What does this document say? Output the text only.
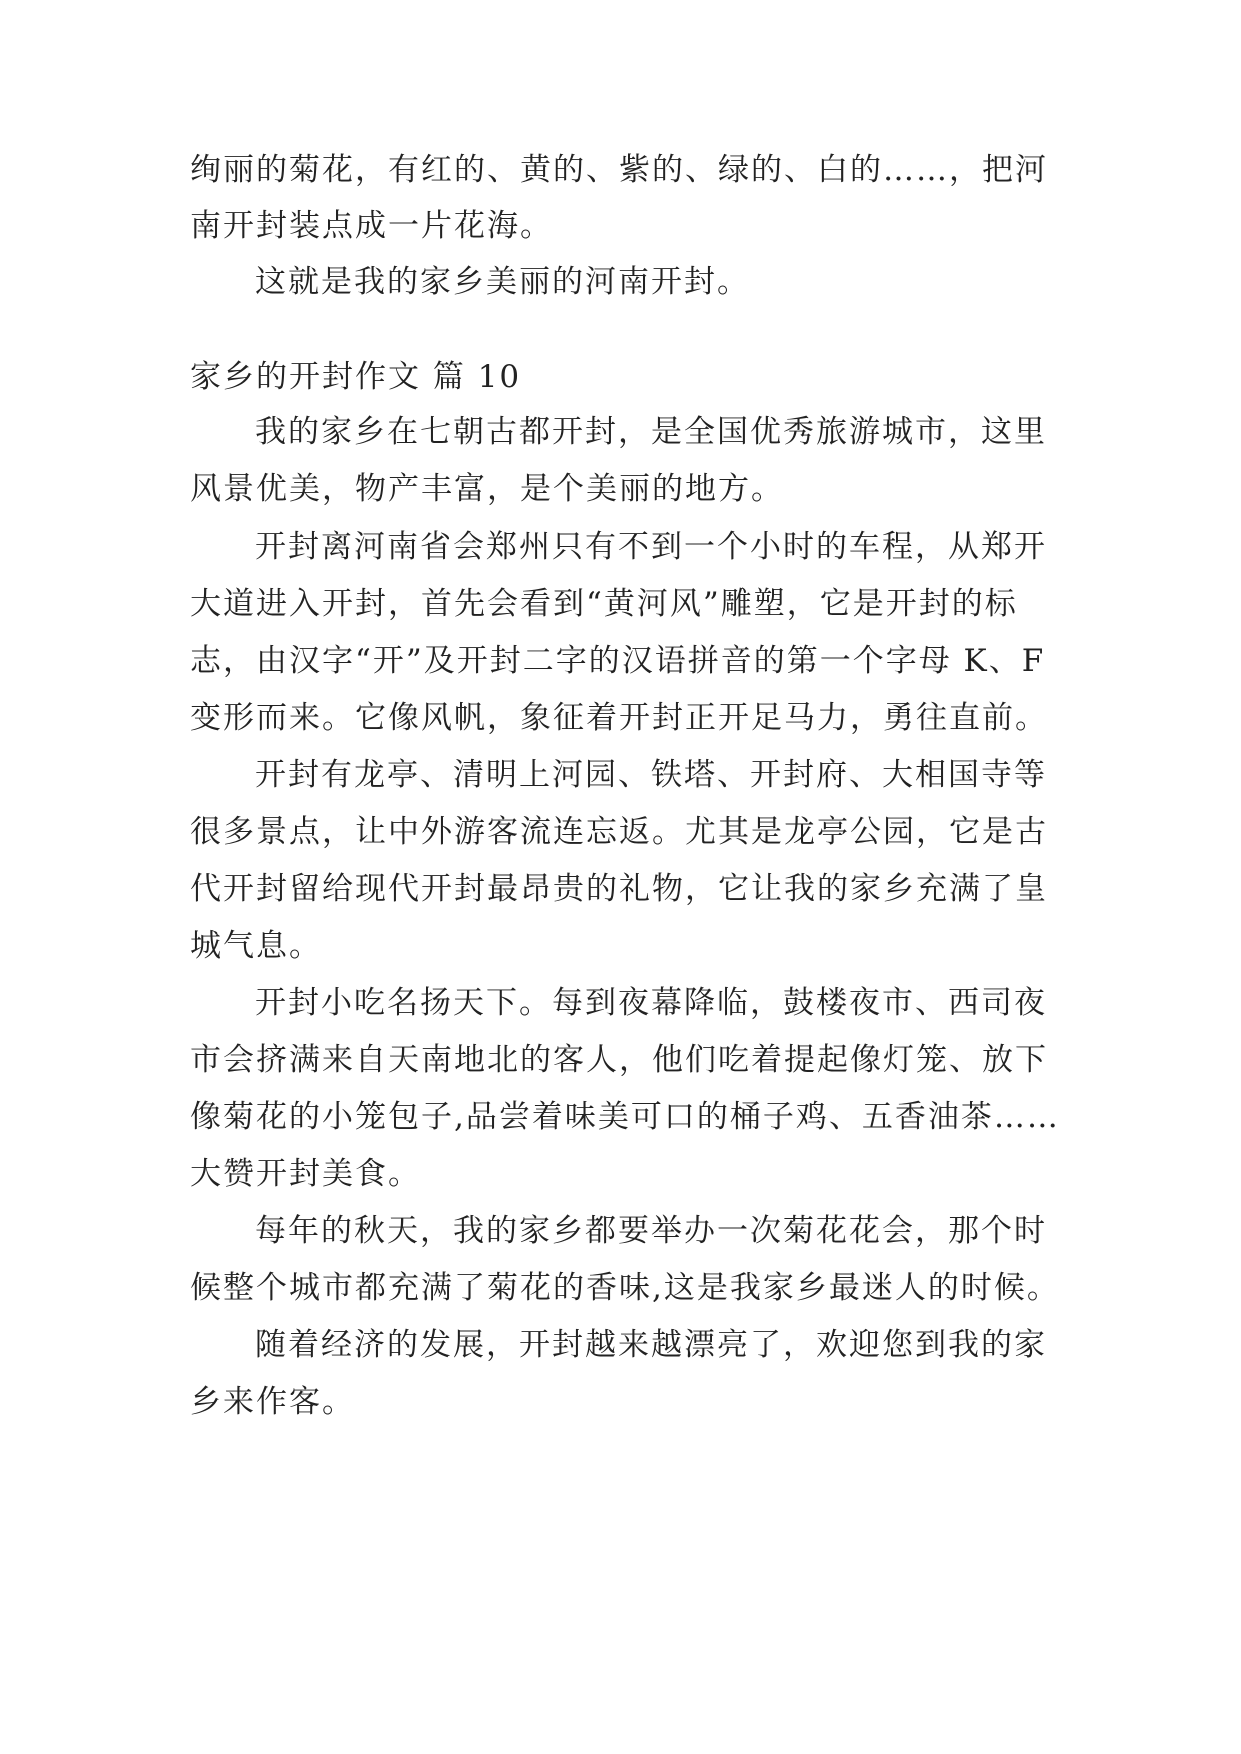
绚丽的菊花，有红的、黄的、紫的、绿的、白的……，把河
南开封装点成一片花海。
这就是我的家乡美丽的河南开封。
家乡的开封作文 篇 10
我的家乡在七朝古都开封，是全国优秀旅游城市，这里
风景优美，物产丰富，是个美丽的地方。
开封离河南省会郑州只有不到一个小时的车程，从郑开
大道进入开封，首先会看到“黄河风”雕塑，它是开封的标
志，由汉字“开”及开封二字的汉语拼音的第一个字母 K、F
变形而来。它像风帆，象征着开封正开足马力，勇往直前。
开封有龙亭、清明上河园、铁塔、开封府、大相国寺等
很多景点，让中外游客流连忘返。尤其是龙亭公园，它是古
代开封留给现代开封最昂贵的礼物，它让我的家乡充满了皇
城气息。
开封小吃名扬天下。每到夜幕降临，鼓楼夜市、西司夜
市会挤满来自天南地北的客人，他们吃着提起像灯笼、放下
像菊花的小笼包子,品尝着味美可口的桶子鸡、五香油茶……
大赞开封美食。
每年的秋天，我的家乡都要举办一次菊花花会，那个时
候整个城市都充满了菊花的香味,这是我家乡最迷人的时候。
随着经济的发展，开封越来越漂亮了，欢迎您到我的家
乡来作客。
